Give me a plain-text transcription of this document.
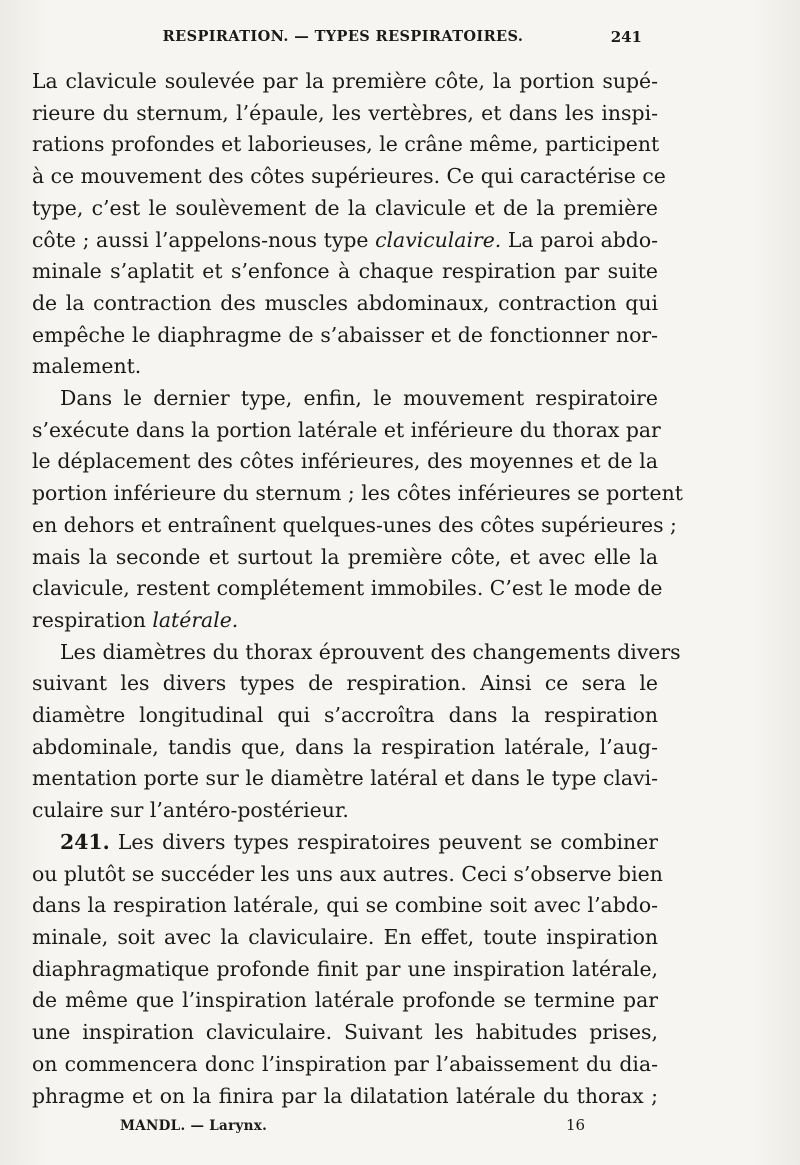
RESPIRATION. — TYPES RESPIRATOIRES.	241
La clavicule soulevée par la première côte, la portion supé-
rieure du sternum, l’épaule, les vertèbres, et dans les inspi-
rations profondes et laborieuses, le crâne même, participent
à ce mouvement des côtes supérieures. Ce qui caractérise ce
type, c’est le soulèvement de la clavicule et de la première
côte ; aussi l’appelons-nous type claviculaire. La paroi abdo-
minale s’aplatit et s’enfonce à chaque respiration par suite
de la contraction des muscles abdominaux, contraction qui
empêche le diaphragme de s’abaisser et de fonctionner nor-
malement.
Dans le dernier type, enfin, le mouvement respiratoire
s’exécute dans la portion latérale et inférieure du thorax par
le déplacement des côtes inférieures, des moyennes et de la
portion inférieure du sternum ; les côtes inférieures se portent
en dehors et entraînent quelques-unes des côtes supérieures ;
mais la seconde et surtout la première côte, et avec elle la
clavicule, restent complétement immobiles. C’est le mode de
respiration latérale.
Les diamètres du thorax éprouvent des changements divers
suivant les divers types de respiration. Ainsi ce sera le
diamètre longitudinal qui s’accroîtra dans la respiration
abdominale, tandis que, dans la respiration latérale, l’aug-
mentation porte sur le diamètre latéral et dans le type clavi-
culaire sur l’antéro-postérieur.
241. Les divers types respiratoires peuvent se combiner
ou plutôt se succéder les uns aux autres. Ceci s’observe bien
dans la respiration latérale, qui se combine soit avec l’abdo-
minale, soit avec la claviculaire. En effet, toute inspiration
diaphragmatique profonde finit par une inspiration latérale,
de même que l’inspiration latérale profonde se termine par
une inspiration claviculaire. Suivant les habitudes prises,
on commencera donc l’inspiration par l’abaissement du dia-
phragme et on la finira par la dilatation latérale du thorax ;
MANDL. — Larynx.	16
